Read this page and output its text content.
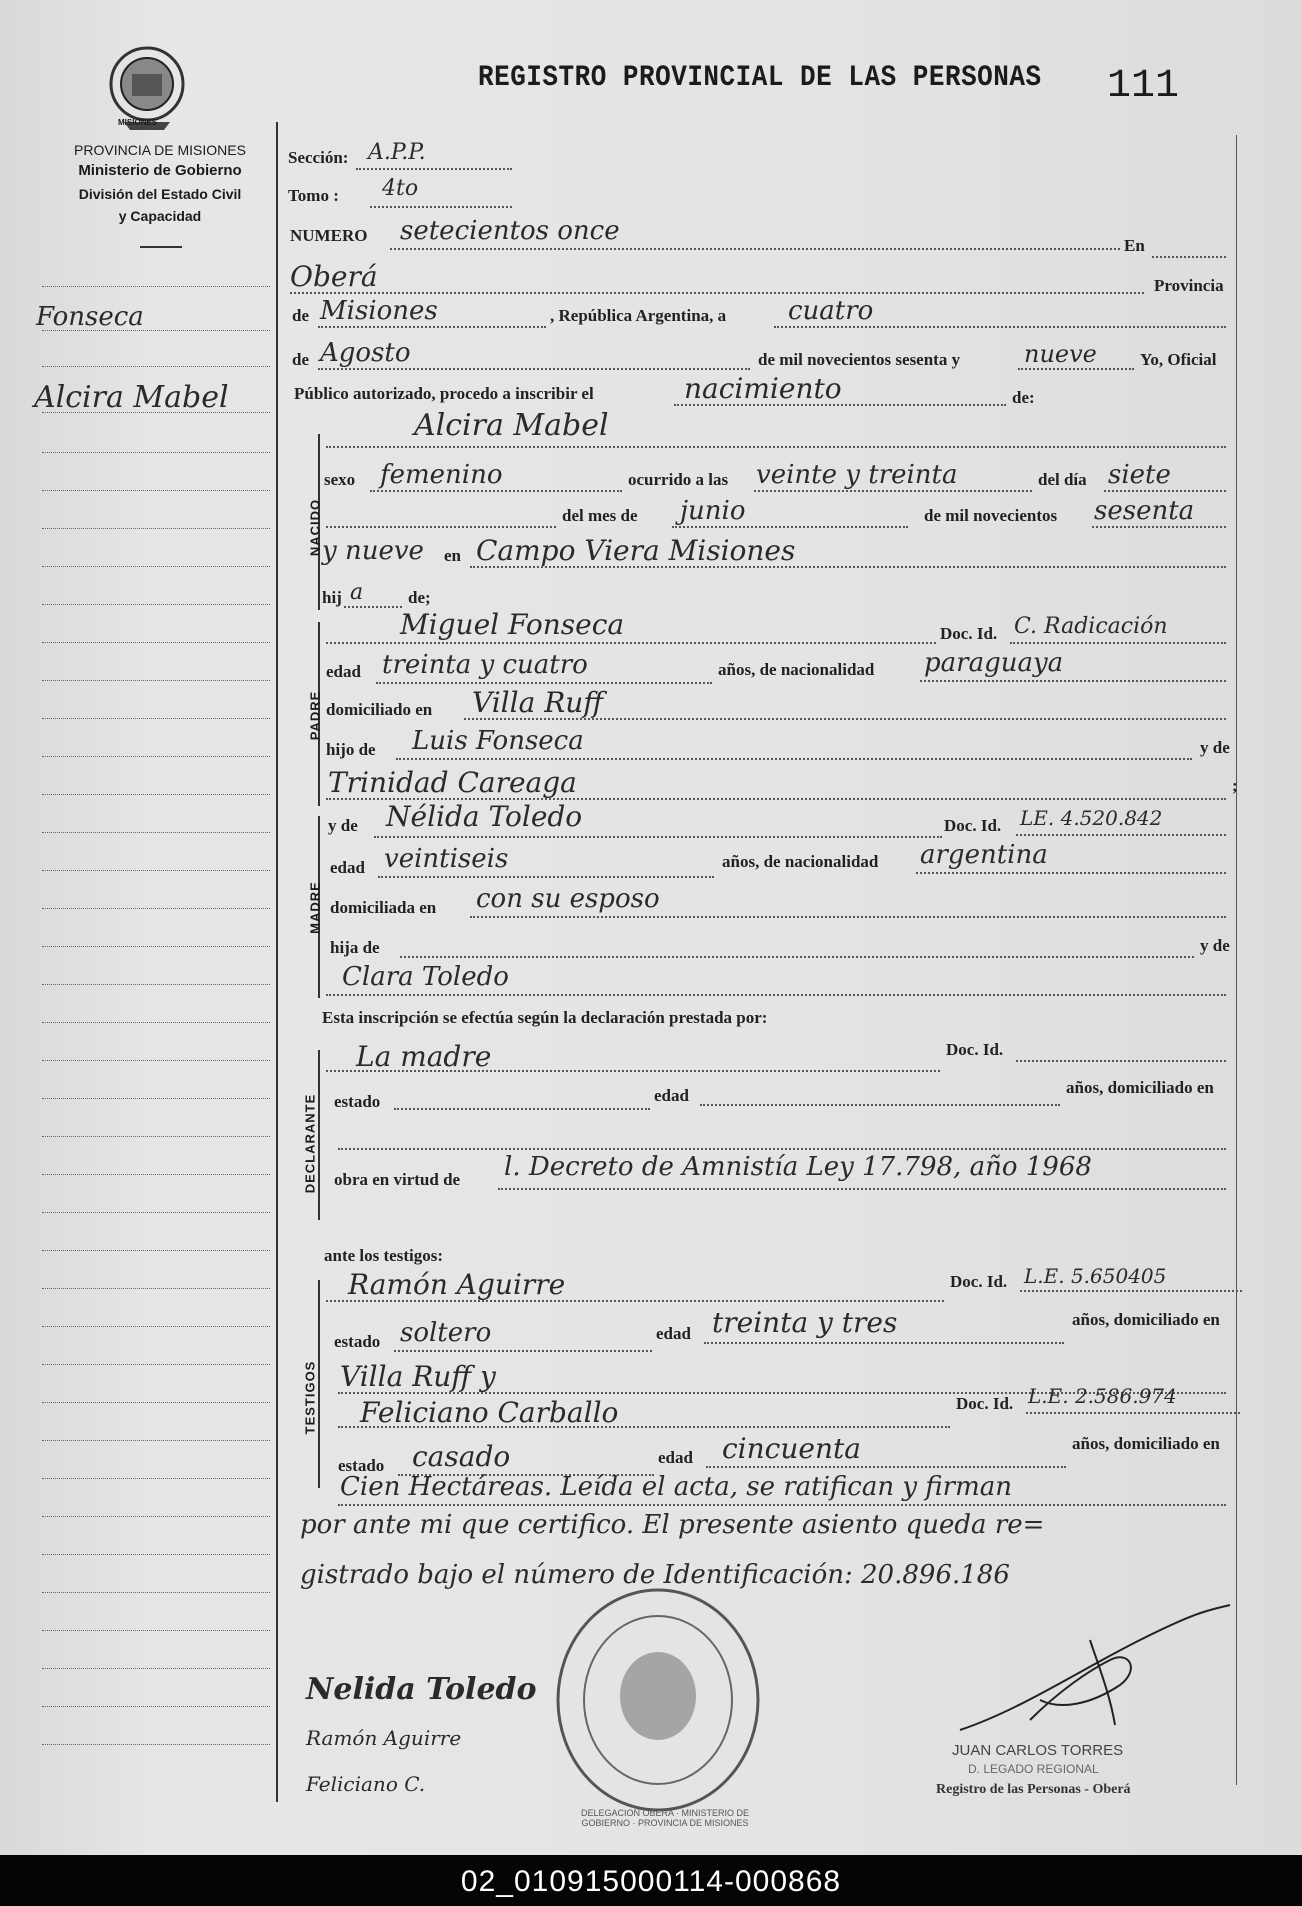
MISIONES
REGISTRO PROVINCIAL DE LAS PERSONAS 111
PROVINCIA DE MISIONES
Ministerio de Gobierno
División del Estado Civil
y Capacidad
Fonseca
Alcira Mabel
Sección: A.P.P.
Tomo : 4to
NUMERO setecientos once	En
Oberá	Provincia
de Misiones	, República Argentina, a cuatro
de Agosto	de mil novecientos sesenta y	nueve	Yo, Oficial
Público autorizado, procedo a inscribir el	nacimiento	de:
NACIDO
Alcira Mabel
sexo femenino	ocurrido a las veinte y treinta	del día siete
del mes de junio	de mil novecientos sesenta
y nueve en Campo Viera Misiones
hij a	de;
PADRE
Miguel Fonseca	Doc. Id. C. Radicación
edad treinta y cuatro	años, de nacionalidad paraguaya
domiciliado en Villa Ruff
hijo de Luis Fonseca	y de
Trinidad Careaga	;
MADRE
y de Nélida Toledo	Doc. Id. LE. 4.520.842
edad veintiseis	años, de nacionalidad argentina
domiciliada en con su esposo
hija de	y de
Clara Toledo
Esta inscripción se efectúa según la declaración prestada por:
DECLARANTE
La madre	Doc. Id.
estado	edad	años, domiciliado en
obra en virtud de l. Decreto de Amnistía Ley 17.798, año 1968
ante los testigos:
TESTIGOS
Ramón Aguirre	Doc. Id. L.E. 5.650405
estado soltero	edad treinta y tres	años, domiciliado en
Villa Ruff y
Feliciano Carballo	Doc. Id. L.E. 2.586.974
estado casado	edad cincuenta	años, domiciliado en
Cien Hectáreas. Leída el acta, se ratifican y firman
por ante mi que certifico. El presente asiento queda re=
gistrado bajo el número de Identificación: 20.896.186
DELEGACION OBERA · MINISTERIO DE GOBIERNO · PROVINCIA DE MISIONES
Nelida Toledo
Ramón Aguirre
Feliciano C.
JUAN CARLOS TORRES
D. LEGADO REGIONAL
Registro de las Personas - Oberá
02_010915000114-000868
